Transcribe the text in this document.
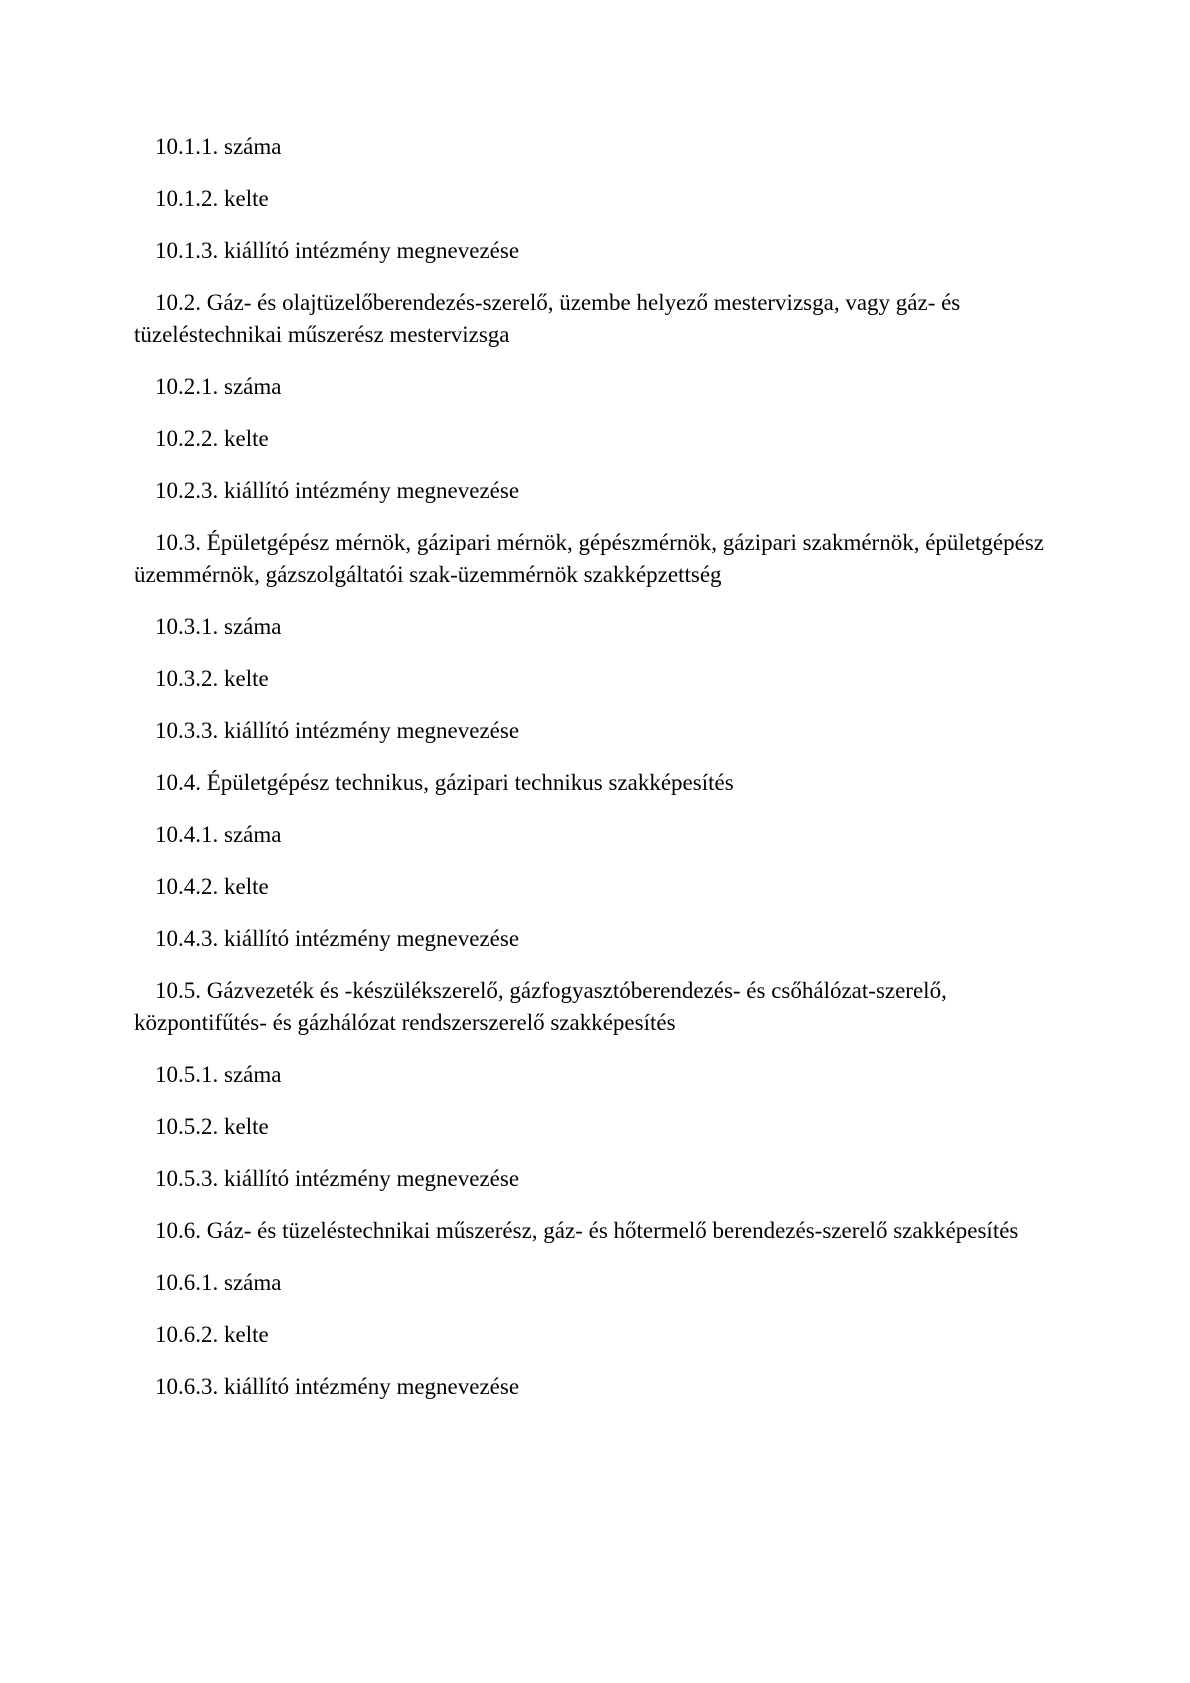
10.1.1. száma

10.1.2. kelte

10.1.3. kiállító intézmény megnevezése

10.2. Gáz- és olajtüzelőberendezés-szerelő, üzembe helyező mestervizsga, vagy gáz- és tüzeléstechnikai műszerész mestervizsga

10.2.1. száma

10.2.2. kelte

10.2.3. kiállító intézmény megnevezése

10.3. Épületgépész mérnök, gázipari mérnök, gépészmérnök, gázipari szakmérnök, épületgépész üzemmérnök, gázszolgáltatói szak-üzemmérnök szakképzettség

10.3.1. száma

10.3.2. kelte

10.3.3. kiállító intézmény megnevezése

10.4. Épületgépész technikus, gázipari technikus szakképesítés

10.4.1. száma

10.4.2. kelte

10.4.3. kiállító intézmény megnevezése

10.5. Gázvezeték és -készülékszerelő, gázfogyasztóberendezés- és csőhálózat-szerelő, központifűtés- és gázhálózat rendszerszerelő szakképesítés

10.5.1. száma

10.5.2. kelte

10.5.3. kiállító intézmény megnevezése

10.6. Gáz- és tüzeléstechnikai műszerész, gáz- és hőtermelő berendezés-szerelő szakképesítés

10.6.1. száma

10.6.2. kelte

10.6.3. kiállító intézmény megnevezése
